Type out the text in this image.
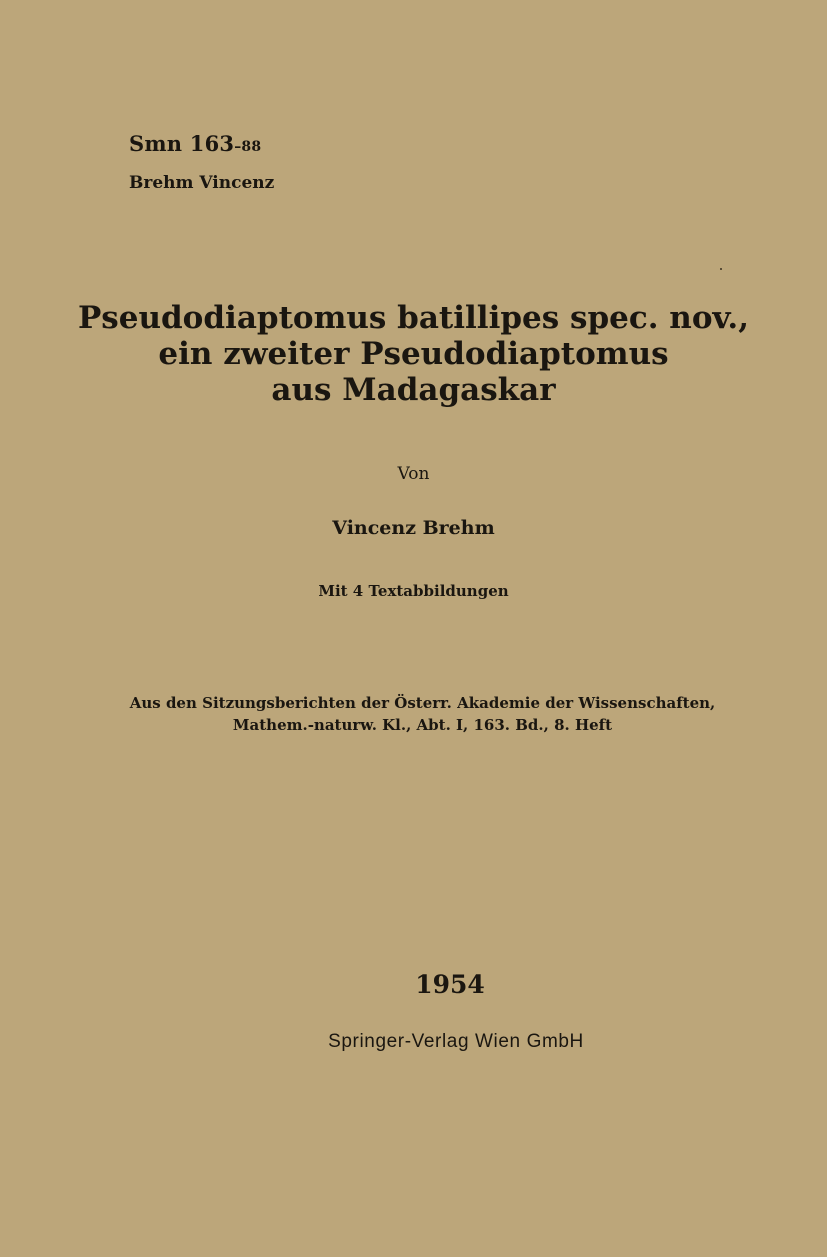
Smn 163–88
Brehm Vincenz
Pseudodiaptomus batillipes spec. nov.,
ein zweiter Pseudodiaptomus
aus Madagaskar
Von
Vincenz Brehm
Mit 4 Textabbildungen
Aus den Sitzungsberichten der Österr. Akademie der Wissenschaften,
Mathem.-naturw. Kl., Abt. I, 163. Bd., 8. Heft
1954
Springer-Verlag Wien GmbH
